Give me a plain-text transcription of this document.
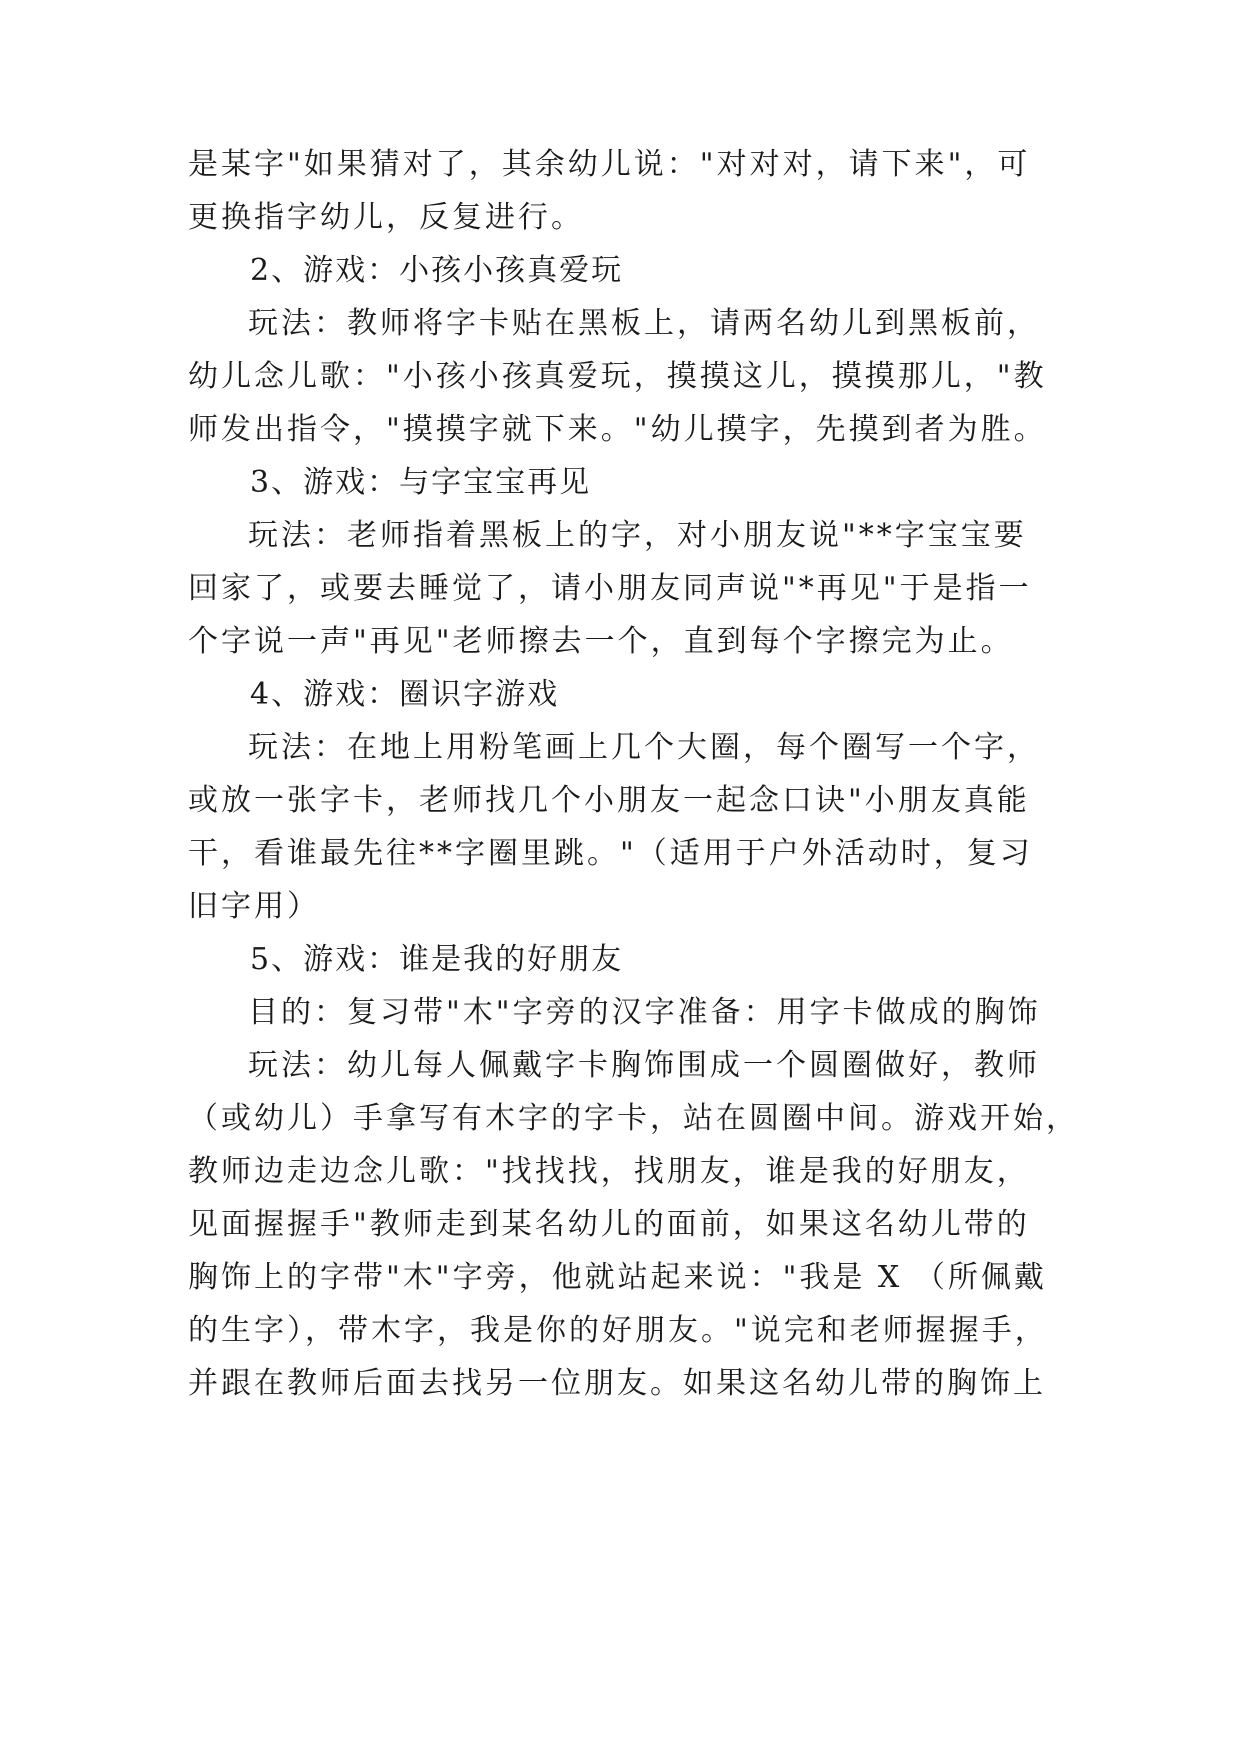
是某字"如果猜对了，其余幼儿说："对对对，请下来"，可
更换指字幼儿，反复进行。
2、游戏：小孩小孩真爱玩
玩法：教师将字卡贴在黑板上，请两名幼儿到黑板前，
幼儿念儿歌："小孩小孩真爱玩，摸摸这儿，摸摸那儿，"教
师发出指令，"摸摸字就下来。"幼儿摸字，先摸到者为胜。
3、游戏：与字宝宝再见
玩法：老师指着黑板上的字，对小朋友说"**字宝宝要
回家了，或要去睡觉了，请小朋友同声说"*再见"于是指一
个字说一声"再见"老师擦去一个，直到每个字擦完为止。
4、游戏：圈识字游戏
玩法：在地上用粉笔画上几个大圈，每个圈写一个字，
或放一张字卡，老师找几个小朋友一起念口诀"小朋友真能
干，看谁最先往**字圈里跳。"（适用于户外活动时，复习
旧字用）
5、游戏：谁是我的好朋友
目的：复习带"木"字旁的汉字准备：用字卡做成的胸饰
玩法：幼儿每人佩戴字卡胸饰围成一个圆圈做好，教师
（或幼儿）手拿写有木字的字卡，站在圆圈中间。游戏开始，
教师边走边念儿歌："找找找，找朋友，谁是我的好朋友，
见面握握手"教师走到某名幼儿的面前，如果这名幼儿带的
胸饰上的字带"木"字旁，他就站起来说："我是 X （所佩戴
的生字），带木字，我是你的好朋友。"说完和老师握握手，
并跟在教师后面去找另一位朋友。如果这名幼儿带的胸饰上
